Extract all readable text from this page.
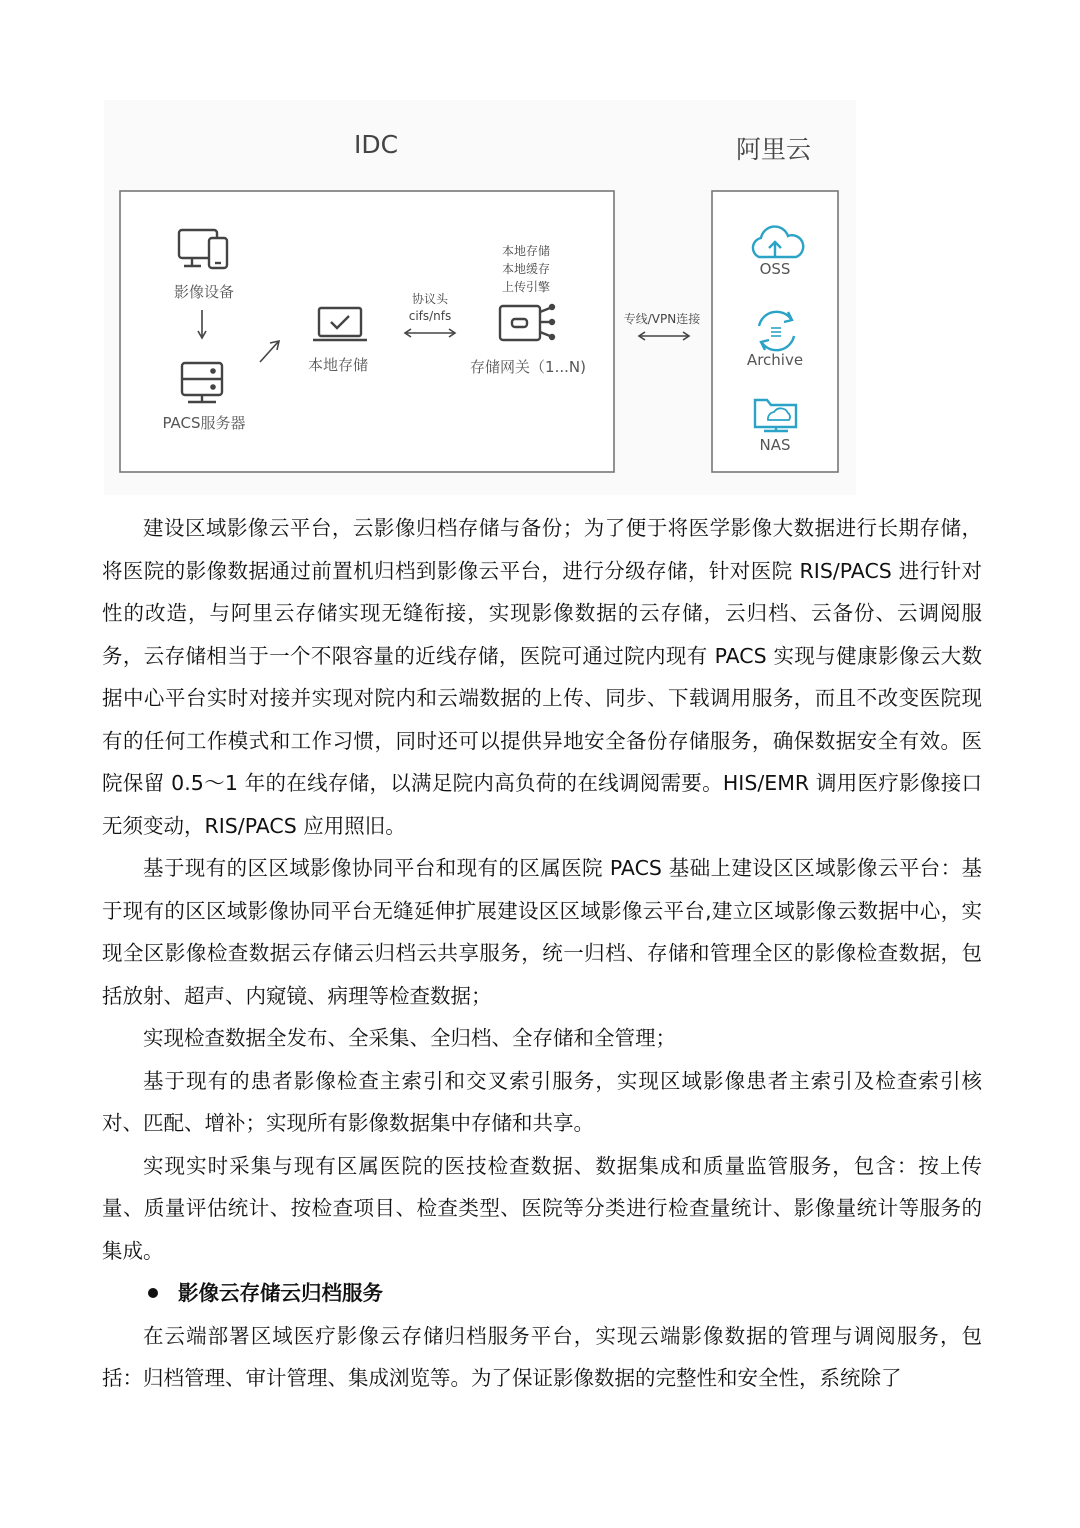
IDC	阿里云
影像设备
PACS服务器
本地存储
协议头
cifs/nfs
本地存储
本地缓存
上传引擎
存储网关（1...N)
专线/VPN连接
OSS
Archive
NAS

建设区域影像云平台，云影像归档存储与备份；为了便于将医学影像大数据进行长期存储，将医院的影像数据通过前置机归档到影像云平台，进行分级存储，针对医院 RIS/PACS 进行针对性的改造，与阿里云存储实现无缝衔接，实现影像数据的云存储，云归档、云备份、云调阅服务，云存储相当于一个不限容量的近线存储，医院可通过院内现有 PACS 实现与健康影像云大数据中心平台实时对接并实现对院内和云端数据的上传、同步、下载调用服务，而且不改变医院现有的任何工作模式和工作习惯，同时还可以提供异地安全备份存储服务，确保数据安全有效。医院保留 0.5～1 年的在线存储，以满足院内高负荷的在线调阅需要。HIS/EMR 调用医疗影像接口无须变动，RIS/PACS 应用照旧。

基于现有的区区域影像协同平台和现有的区属医院 PACS 基础上建设区区域影像云平台：基于现有的区区域影像协同平台无缝延伸扩展建设区区域影像云平台,建立区域影像云数据中心，实现全区影像检查数据云存储云归档云共享服务，统一归档、存储和管理全区的影像检查数据，包括放射、超声、内窥镜、病理等检查数据；

实现检查数据全发布、全采集、全归档、全存储和全管理；

基于现有的患者影像检查主索引和交叉索引服务，实现区域影像患者主索引及检查索引核对、匹配、增补；实现所有影像数据集中存储和共享。

实现实时采集与现有区属医院的医技检查数据、数据集成和质量监管服务，包含：按上传量、质量评估统计、按检查项目、检查类型、医院等分类进行检查量统计、影像量统计等服务的集成。

影像云存储云归档服务

在云端部署区域医疗影像云存储归档服务平台，实现云端影像数据的管理与调阅服务，包括：归档管理、审计管理、集成浏览等。为了保证影像数据的完整性和安全性，系统除了
